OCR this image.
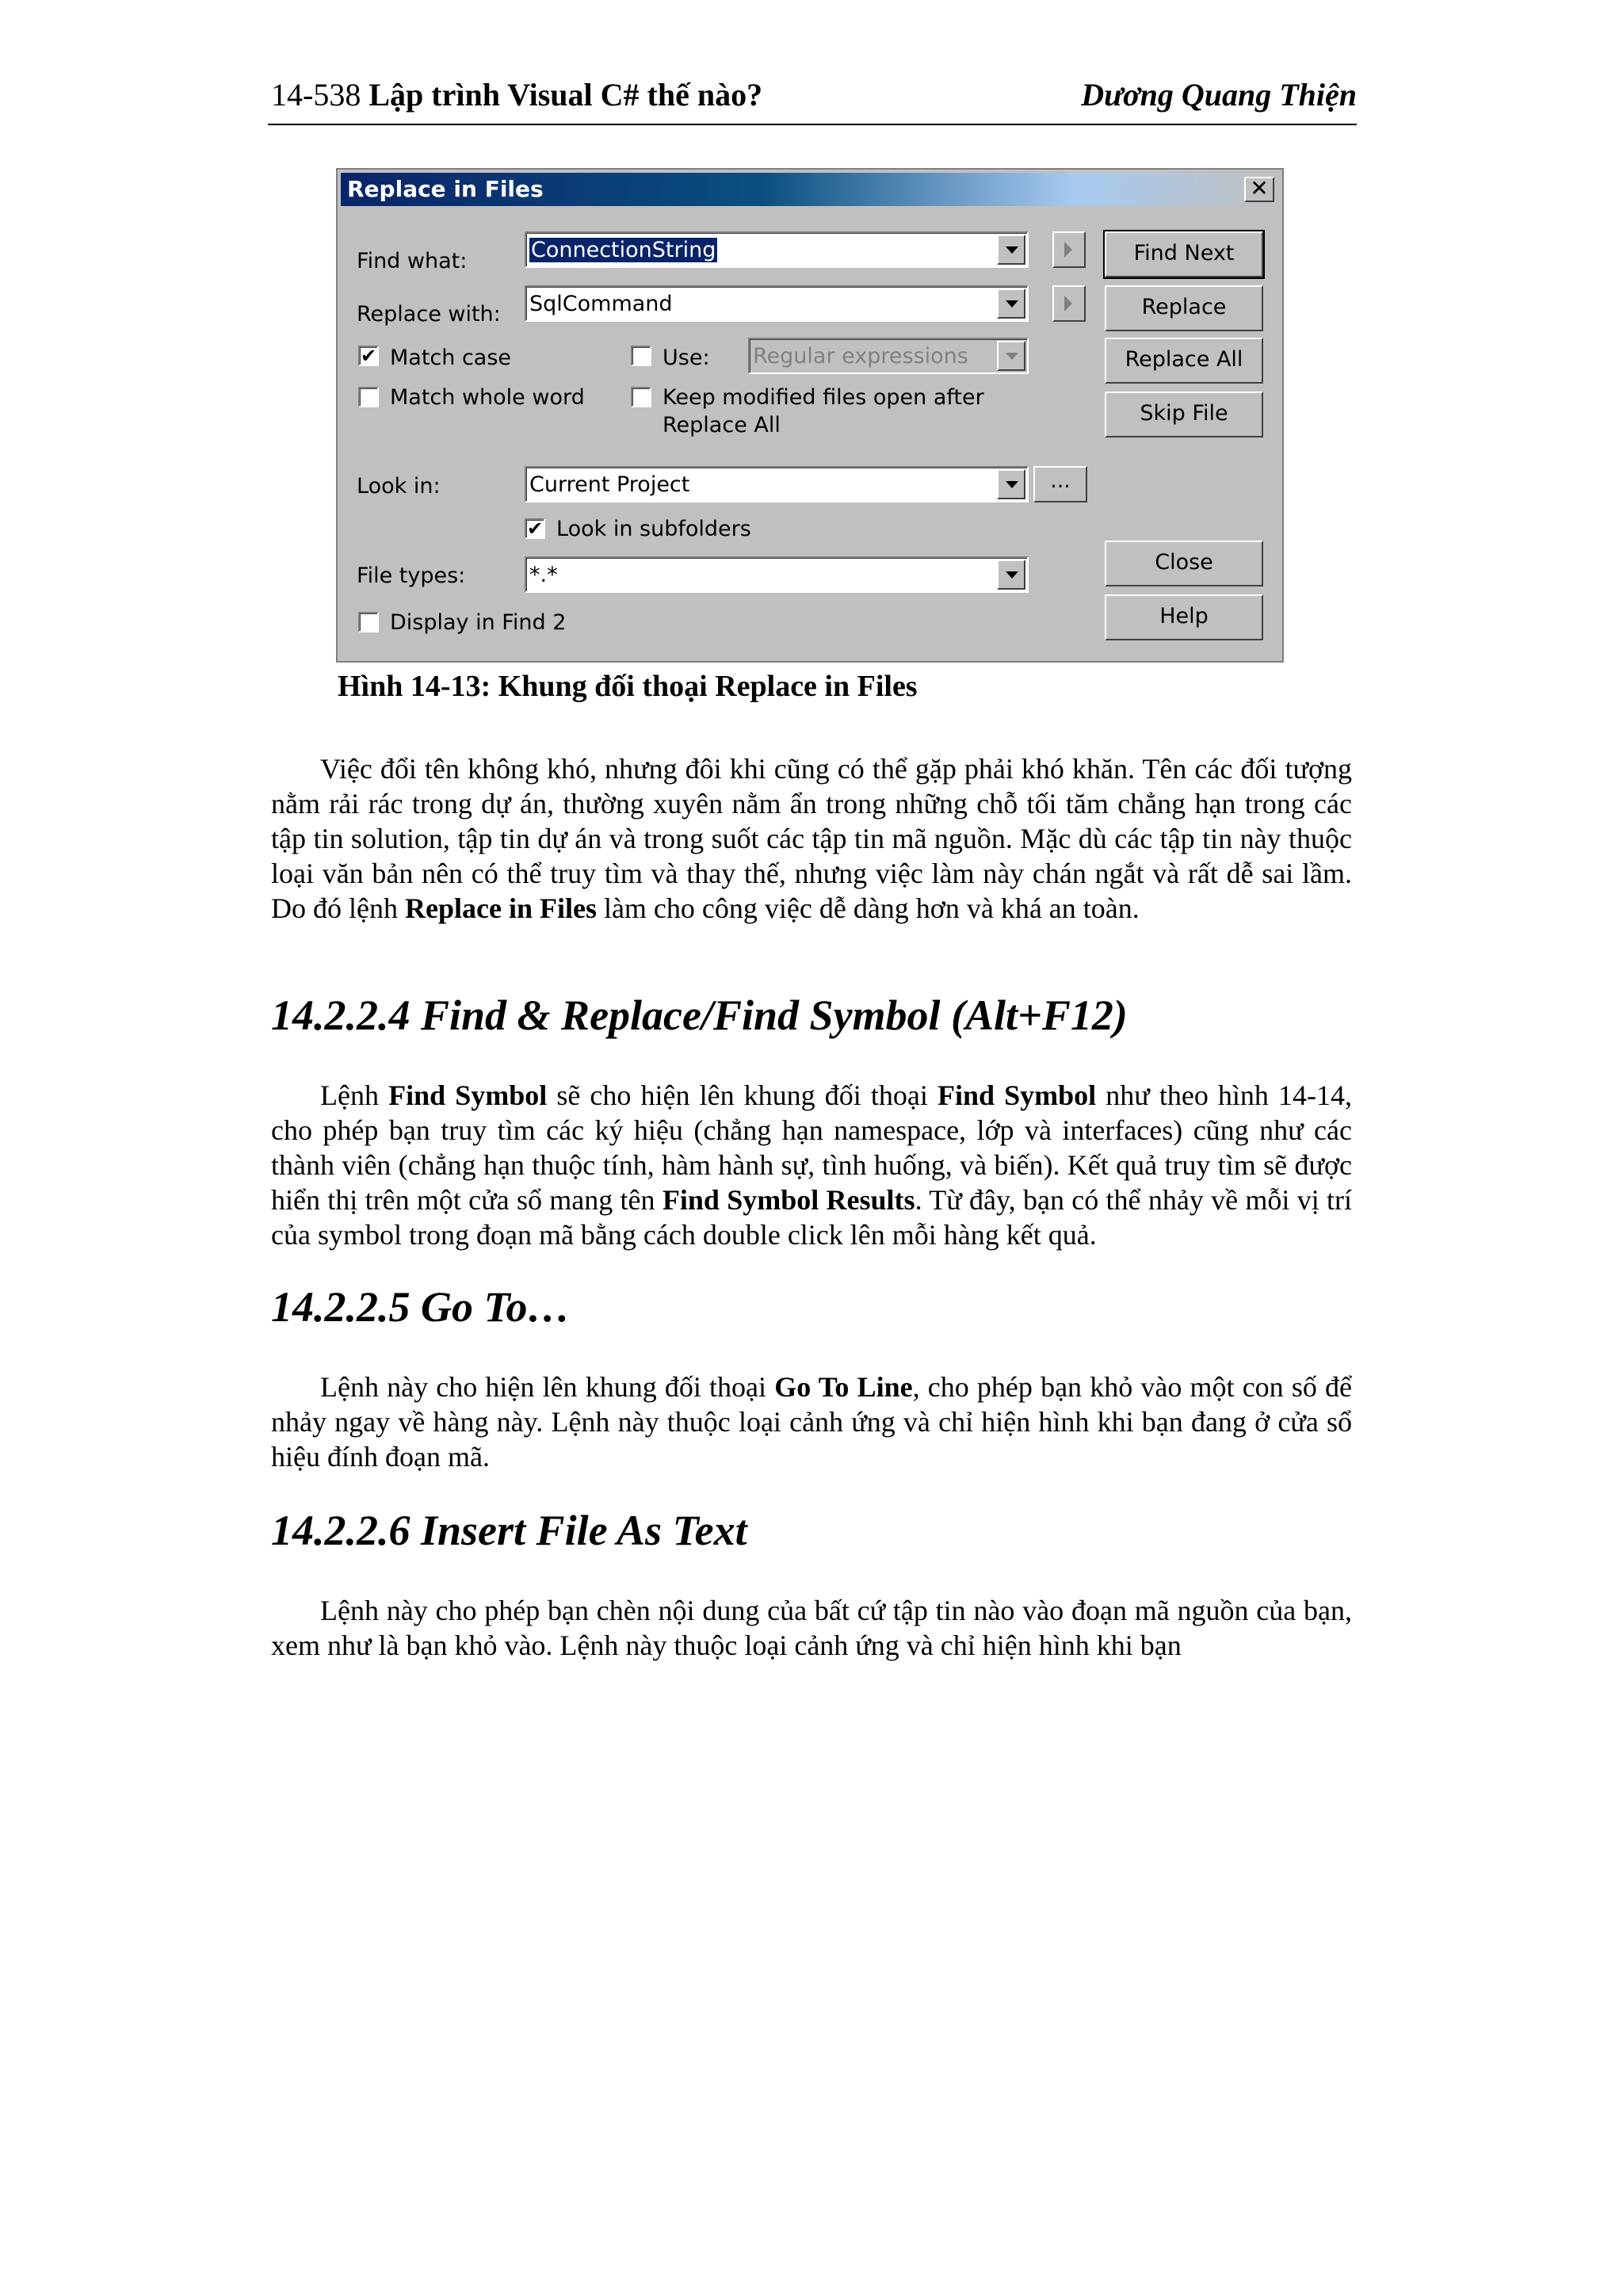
14-538 Lập trình Visual C# thế nào?	Dương Quang Thiện
Replace in Files	✕
Find what:	ConnectionString
Replace with: SqlCommand
✔ Match case	Use: Regular expressions
Match whole word	Keep modified files open after
Replace All
Look in:	Current Project	...
✔ Look in subfolders
File types:	*.*
Display in Find 2
Find Next
Replace
Replace All
Skip File
Close
Help
Hình 14-13: Khung đối thoại Replace in Files

Việc đổi tên không khó, nhưng đôi khi cũng có thể gặp phải khó khăn. Tên các đối tượng nằm rải rác trong dự án, thường xuyên nằm ẩn trong những chỗ tối tăm chẳng hạn trong các tập tin solution, tập tin dự án và trong suốt các tập tin mã nguồn. Mặc dù các tập tin này thuộc loại văn bản nên có thể truy tìm và thay thế, nhưng việc làm này chán ngắt và rất dễ sai lầm. Do đó lệnh Replace in Files làm cho công việc dễ dàng hơn và khá an toàn.

14.2.2.4 Find & Replace/Find Symbol (Alt+F12)

Lệnh Find Symbol sẽ cho hiện lên khung đối thoại Find Symbol như theo hình 14-14, cho phép bạn truy tìm các ký hiệu (chẳng hạn namespace, lớp và interfaces) cũng như các thành viên (chẳng hạn thuộc tính, hàm hành sự, tình huống, và biến). Kết quả truy tìm sẽ được hiển thị trên một cửa sổ mang tên Find Symbol Results. Từ đây, bạn có thể nhảy về mỗi vị trí của symbol trong đoạn mã bằng cách double click lên mỗi hàng kết quả.

14.2.2.5 Go To…

Lệnh này cho hiện lên khung đối thoại Go To Line, cho phép bạn khỏ vào một con số để nhảy ngay về hàng này. Lệnh này thuộc loại cảnh ứng và chỉ hiện hình khi bạn đang ở cửa sổ hiệu đính đoạn mã.

14.2.2.6 Insert File As Text

Lệnh này cho phép bạn chèn nội dung của bất cứ tập tin nào vào đoạn mã nguồn của bạn, xem như là bạn khỏ vào. Lệnh này thuộc loại cảnh ứng và chỉ hiện hình khi bạn
